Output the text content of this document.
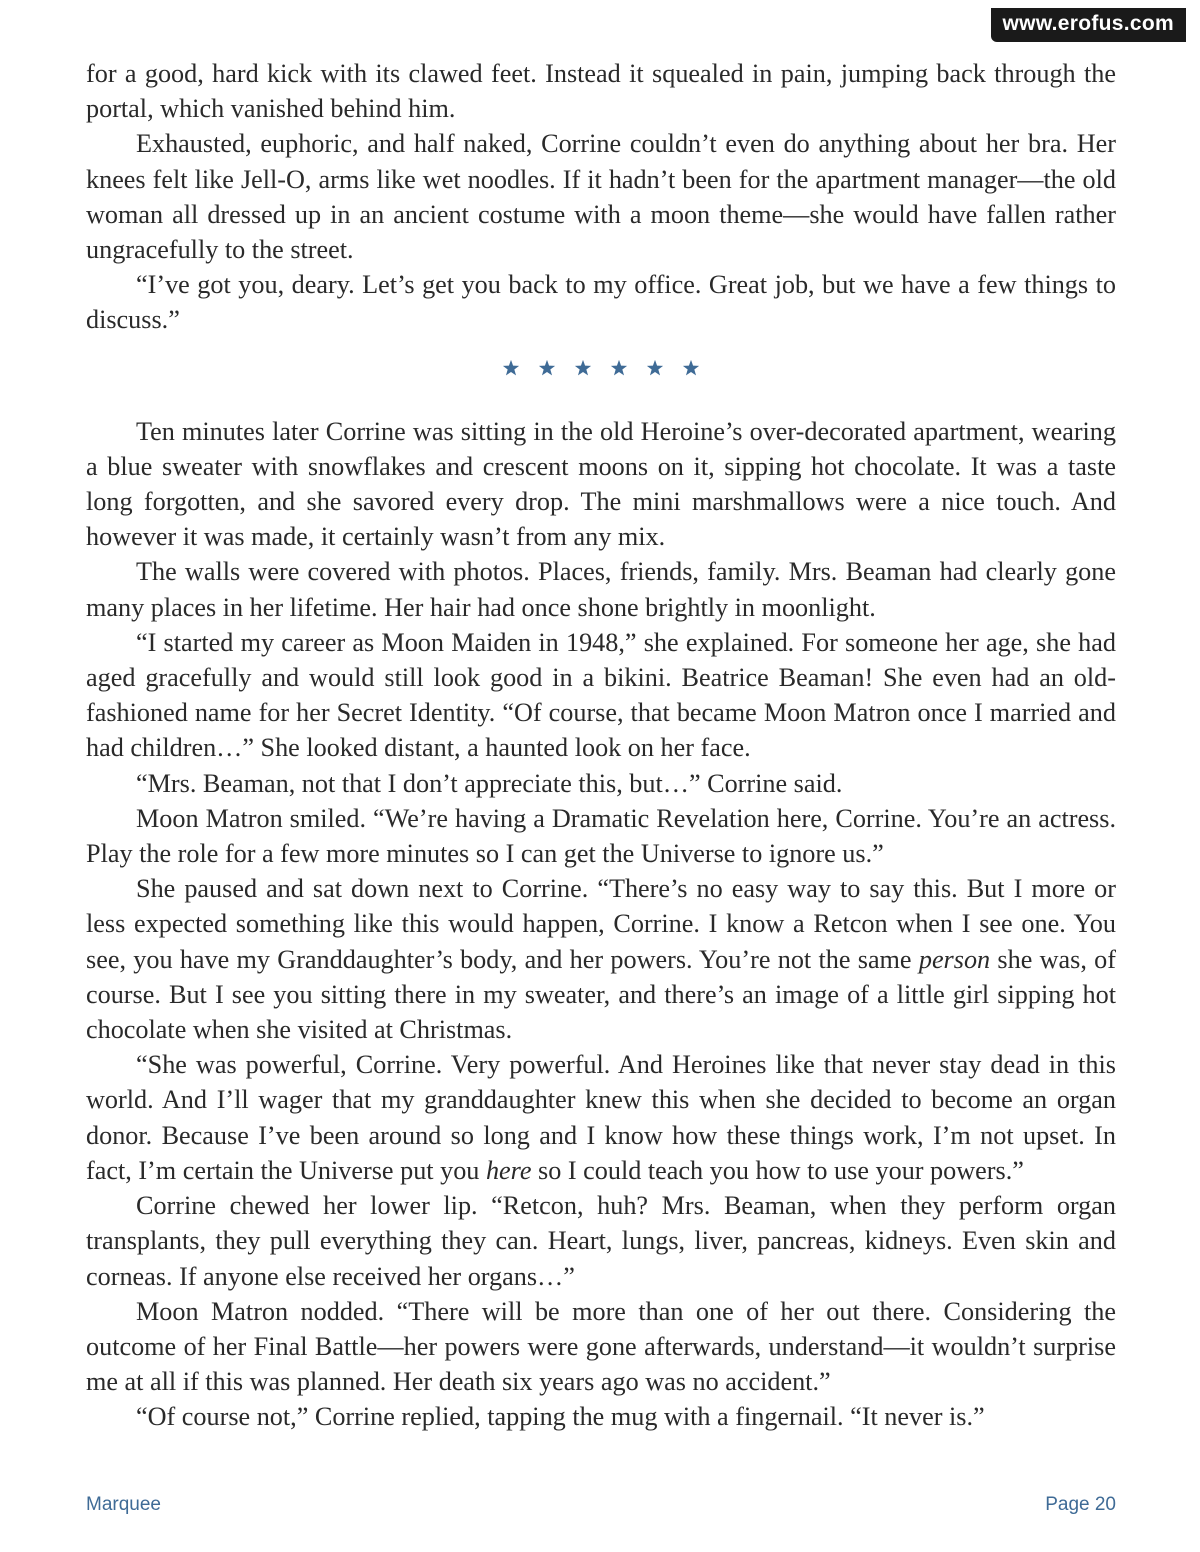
www.erofus.com

for a good, hard kick with its clawed feet. Instead it squealed in pain, jumping back through the portal, which vanished behind him.

Exhausted, euphoric, and half naked, Corrine couldn’t even do anything about her bra. Her knees felt like Jell-O, arms like wet noodles. If it hadn’t been for the apartment manager—the old woman all dressed up in an ancient costume with a moon theme—she would have fallen rather ungracefully to the street.

“I’ve got you, deary. Let’s get you back to my office. Great job, but we have a few things to discuss.”

Ten minutes later Corrine was sitting in the old Heroine’s over-decorated apartment, wearing a blue sweater with snowflakes and crescent moons on it, sipping hot chocolate. It was a taste long forgotten, and she savored every drop. The mini marshmallows were a nice touch. And however it was made, it certainly wasn’t from any mix.

The walls were covered with photos. Places, friends, family. Mrs. Beaman had clearly gone many places in her lifetime. Her hair had once shone brightly in moonlight.

“I started my career as Moon Maiden in 1948,” she explained. For someone her age, she had aged gracefully and would still look good in a bikini. Beatrice Beaman! She even had an old-fashioned name for her Secret Identity. “Of course, that became Moon Matron once I married and had children…” She looked distant, a haunted look on her face.

“Mrs. Beaman, not that I don’t appreciate this, but…” Corrine said.

Moon Matron smiled. “We’re having a Dramatic Revelation here, Corrine. You’re an actress. Play the role for a few more minutes so I can get the Universe to ignore us.”

She paused and sat down next to Corrine. “There’s no easy way to say this. But I more or less expected something like this would happen, Corrine. I know a Retcon when I see one. You see, you have my Granddaughter’s body, and her powers. You’re not the same person she was, of course. But I see you sitting there in my sweater, and there’s an image of a little girl sipping hot chocolate when she visited at Christmas.

“She was powerful, Corrine. Very powerful. And Heroines like that never stay dead in this world. And I’ll wager that my granddaughter knew this when she decided to become an organ donor. Because I’ve been around so long and I know how these things work, I’m not upset. In fact, I’m certain the Universe put you here so I could teach you how to use your powers.”

Corrine chewed her lower lip. “Retcon, huh? Mrs. Beaman, when they perform organ transplants, they pull everything they can. Heart, lungs, liver, pancreas, kidneys. Even skin and corneas. If anyone else received her organs…”

Moon Matron nodded. “There will be more than one of her out there. Considering the outcome of her Final Battle—her powers were gone afterwards, understand—it wouldn’t surprise me at all if this was planned. Her death six years ago was no accident.”

“Of course not,” Corrine replied, tapping the mug with a fingernail. “It never is.”

Marquee	Page 20
